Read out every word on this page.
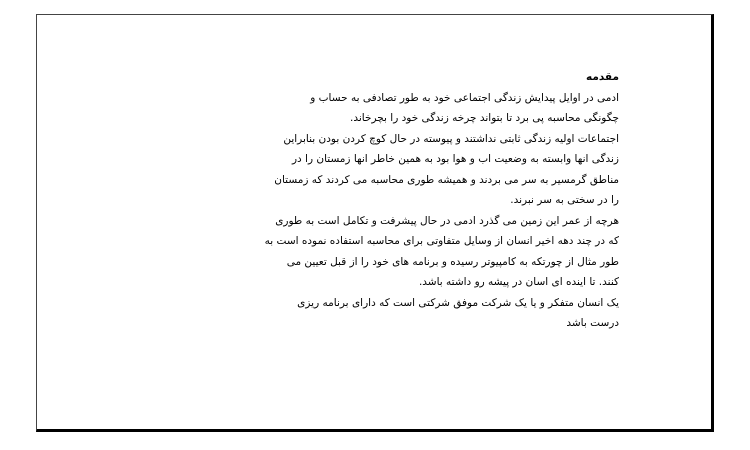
مقدمه
ادمی در اوایل پیدایش زندگی اجتماعی خود به طور تصادفی به حساب و
چگونگی محاسبه پی برد تا بتواند چرخه زندگی خود را بچرخاند.
اجتماعات اولیه زندگی ثابتی نداشتند و پیوسته در حال کوچ کردن بودن بنابراین
زندگی انها وابسته به وضعیت اب و هوا بود به همین خاطر انها زمستان را در
مناطق گرمسیر به سر می بردند و همیشه طوری محاسبه می کردند که زمستان
را در سختی به سر نبرند.
هرچه از عمر این زمین می گذرد ادمی در حال پیشرفت و تکامل است به طوری
که در چند دهه اخیر انسان از وسایل متفاوتی برای محاسبه استفاده نموده است به
طور مثال از چورتکه به کامپیوتر رسیده و برنامه های خود را از قبل تعیین می
کنند. تا اینده ای اسان در پیشه رو داشته باشد.
یک انسان متفکر و یا یک شرکت موفق شرکتی است که دارای برنامه ریزی
درست باشد
